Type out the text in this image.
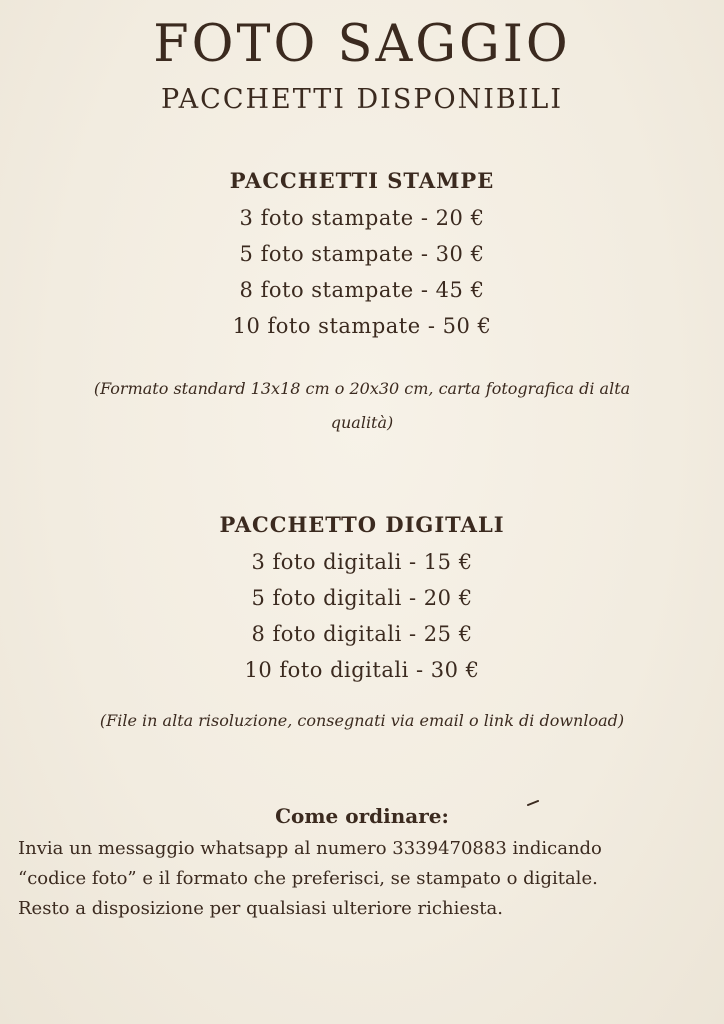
FOTO SAGGIO
PACCHETTI DISPONIBILI
PACCHETTI STAMPE
3 foto stampate - 20 €
5 foto stampate - 30 €
8 foto stampate - 45 €
10 foto stampate - 50 €
(Formato standard 13x18 cm o 20x30 cm, carta fotografica di alta
qualità)
PACCHETTO DIGITALI
3 foto digitali - 15 €
5 foto digitali - 20 €
8 foto digitali - 25 €
10 foto digitali - 30 €
(File in alta risoluzione, consegnati via email o link di download)
Come ordinare:

Invia un messaggio whatsapp al numero 3339470883 indicando

“codice foto” e il formato che preferisci, se stampato o digitale.

Resto a disposizione per qualsiasi ulteriore richiesta.
